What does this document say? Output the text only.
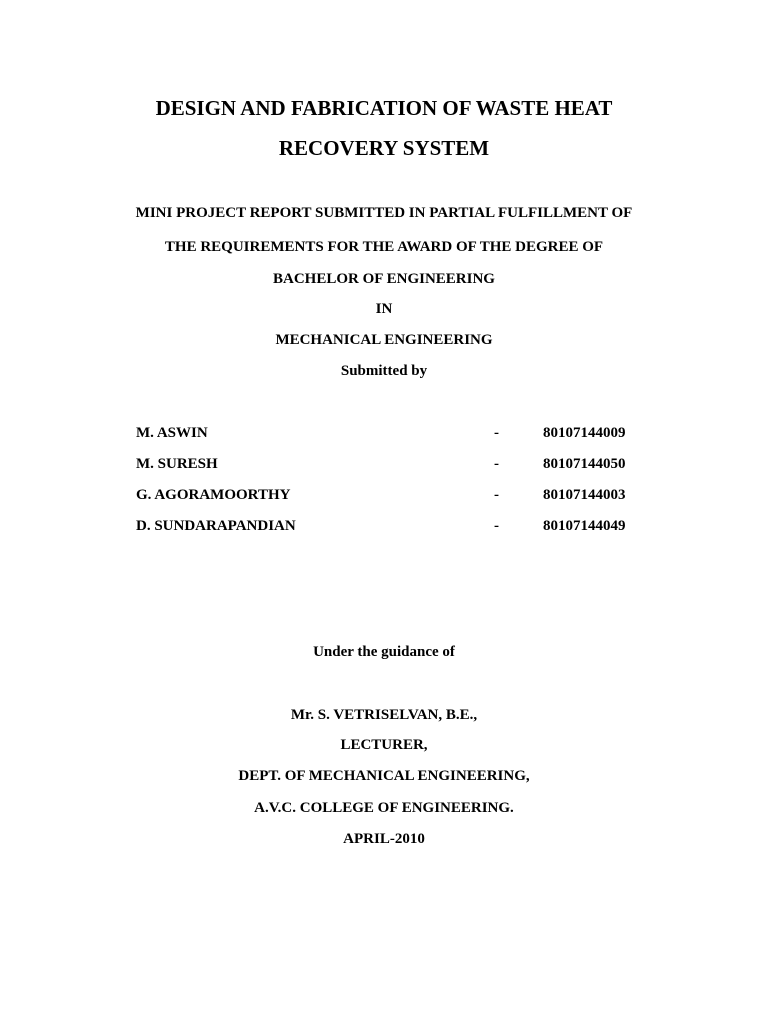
DESIGN AND FABRICATION OF WASTE HEAT
RECOVERY SYSTEM
MINI PROJECT REPORT SUBMITTED IN PARTIAL FULFILLMENT OF
THE REQUIREMENTS FOR THE AWARD OF THE DEGREE OF
BACHELOR OF ENGINEERING
IN
MECHANICAL ENGINEERING
Submitted by
M. ASWIN	-	80107144009
M. SURESH	-	80107144050
G. AGORAMOORTHY	-	80107144003
D. SUNDARAPANDIAN	-	80107144049
Under the guidance of
Mr. S. VETRISELVAN, B.E.,
LECTURER,
DEPT. OF MECHANICAL ENGINEERING,
A.V.C. COLLEGE OF ENGINEERING.
APRIL-2010
